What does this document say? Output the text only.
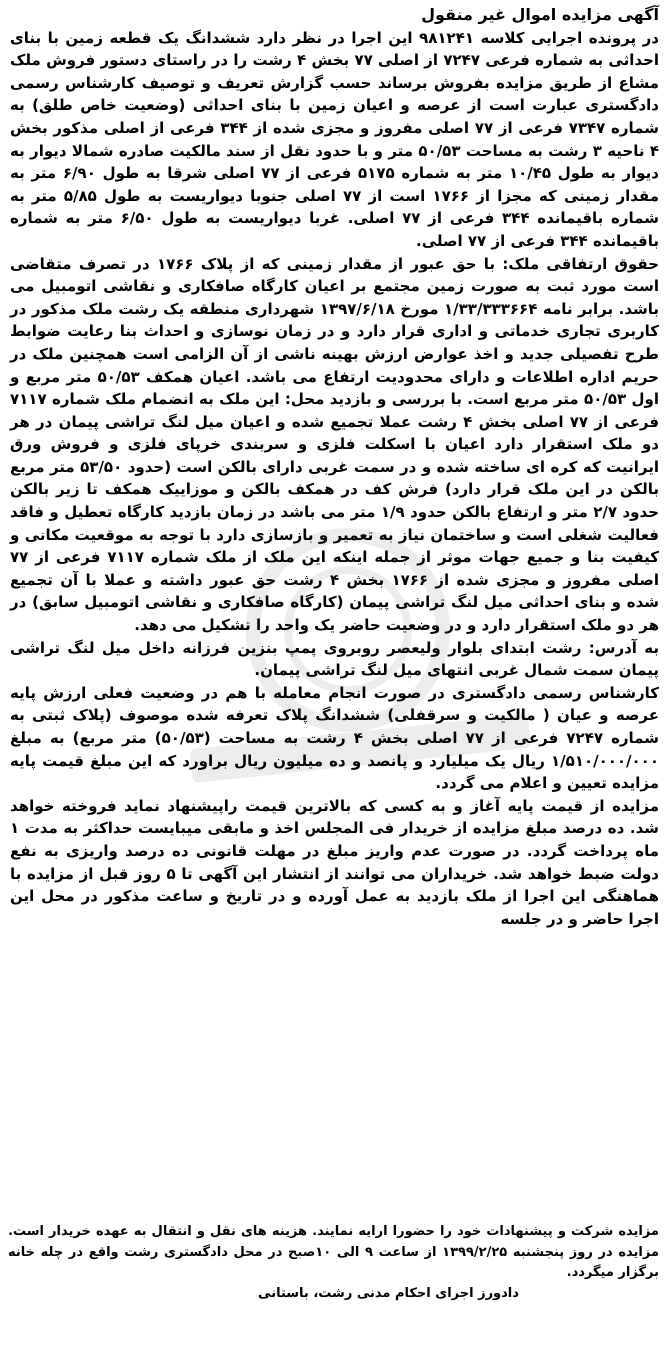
آگهی مزایده اموال غیر منقول

در پرونده اجرایی کلاسه ۹۸۱۲۴۱ این اجرا در نظر دارد ششدانگ یک قطعه زمین با بنای احداثی به شماره فرعی ۷۲۴۷ از اصلی ۷۷ بخش ۴ رشت را در راستای دستور فروش ملک مشاع از طریق مزایده بفروش برساند حسب گزارش تعریف و توصیف کارشناس رسمی دادگستری عبارت است از عرصه و اعیان زمین با بنای احداثی (وضعیت خاص طلق) به شماره ۷۳۴۷ فرعی از ۷۷ اصلی مفروز و مجزی شده از ۳۴۴ فرعی از اصلی مذکور بخش ۴ ناحیه ۳ رشت به مساحت ۵۰/۵۳ متر و با حدود نقل از سند مالکیت صادره شمالا دیوار به دیوار به طول ۱۰/۴۵ متر به شماره ۵۱۷۵ فرعی از ۷۷ اصلی شرقا به طول ۶/۹۰ متر به مقدار زمینی که مجزا از ۱۷۶۶ است از ۷۷ اصلی جنوبا دیواریست به طول ۵/۸۵ متر به شماره باقیمانده ۳۴۴ فرعی از ۷۷ اصلی. غربا دیواریست به طول ۶/۵۰ متر به شماره باقیمانده ۳۴۴ فرعی از ۷۷ اصلی.

حقوق ارتفاقی ملک: با حق عبور از مقدار زمینی که از پلاک ۱۷۶۶ در تصرف متقاضی است مورد ثبت به صورت زمین مجتمع بر اعیان کارگاه صافکاری و نقاشی اتومبیل می باشد. برابر نامه ۱/۳۳/۳۳۳۶۶۴ مورخ ۱۳۹۷/۶/۱۸ شهرداری منطقه یک رشت ملک مذکور در کاربری تجاری خدماتی و اداری قرار دارد و در زمان نوسازی و احداث بنا رعایت ضوابط طرح تفصیلی جدید و اخذ عوارض ارزش بهینه ناشی از آن الزامی است همچنین ملک در حریم اداره اطلاعات و دارای محدودیت ارتفاع می باشد. اعیان همکف ۵۰/۵۳ متر مربع و اول ۵۰/۵۳ متر مربع است. با بررسی و بازدید محل: این ملک به انضمام ملک شماره ۷۱۱۷ فرعی از ۷۷ اصلی بخش ۴ رشت عملا تجمیع شده و اعیان میل لنگ تراشی پیمان در هر دو ملک استقرار دارد اعیان با اسکلت فلزی و سربندی خرپای فلزی و فروش ورق ایرانیت که کره ای ساخته شده و در سمت غربی دارای بالکن است (حدود ۵۳/۵۰ متر مربع بالکن در این ملک قرار دارد) فرش کف در همکف بالکن و موزاییک همکف تا زیر بالکن حدود ۲/۷ متر و ارتفاع بالکن حدود ۱/۹ متر می باشد در زمان بازدید کارگاه تعطیل و فاقد فعالیت شغلی است و ساختمان نیاز به تعمیر و بازسازی دارد با توجه به موقعیت مکانی و کیفیت بنا و جمیع جهات موثر از جمله اینکه این ملک از ملک شماره ۷۱۱۷ فرعی از ۷۷ اصلی مفروز و مجزی شده از ۱۷۶۶ بخش ۴ رشت حق عبور داشته و عملا با آن تجمیع شده و بنای احداثی میل لنگ تراشی پیمان (کارگاه صافکاری و نقاشی اتومبیل سابق) در هر دو ملک استقرار دارد و در وضعیت حاضر یک واحد را تشکیل می دهد.

به آدرس: رشت ابتدای بلوار ولیعصر روبروی پمپ بنزین فرزانه داخل میل لنگ تراشی پیمان سمت شمال غربی انتهای میل لنگ تراشی پیمان.

کارشناس رسمی دادگستری در صورت انجام معامله با هم در وضعیت فعلی ارزش پایه عرصه و عیان ( مالکیت و سرقفلی) ششدانگ پلاک تعرفه شده موصوف (پلاک ثبتی به شماره ۷۲۴۷ فرعی از ۷۷ اصلی بخش ۴ رشت به مساحت (۵۰/۵۳) متر مربع) به مبلغ ۱/۵۱۰/۰۰۰/۰۰۰ ریال یک میلیارد و پانصد و ده میلیون ریال براورد که این مبلغ قیمت پایه مزایده تعیین و اعلام می گردد.

مزایده از قیمت پایه آغاز و به کسی که بالاترین قیمت راپیشنهاد نماید فروخته خواهد شد. ده درصد مبلغ مزایده از خریدار فی المجلس اخذ و مابقی میبایست حداکثر به مدت ۱ ماه پرداخت گردد. در صورت عدم واریز مبلغ در مهلت قانونی ده درصد واریزی به نفع دولت ضبط خواهد شد. خریداران می توانند از انتشار این آگهی تا ۵ روز قبل از مزایده با هماهنگی این اجرا از ملک بازدید به عمل آورده و در تاریخ و ساعت مذکور در محل این اجرا حاضر و در جلسه

مزایده شرکت و پیشنهادات خود را حضورا ارایه نمایند. هزینه های نقل و انتقال به عهده خریدار است. مزایده در روز پنجشنبه ۱۳۹۹/۲/۲۵ از ساعت ۹ الی ۱۰صبح در محل دادگستری رشت واقع در چله خانه برگزار میگردد.

دادورز اجرای احکام مدنی رشت، باستانی
